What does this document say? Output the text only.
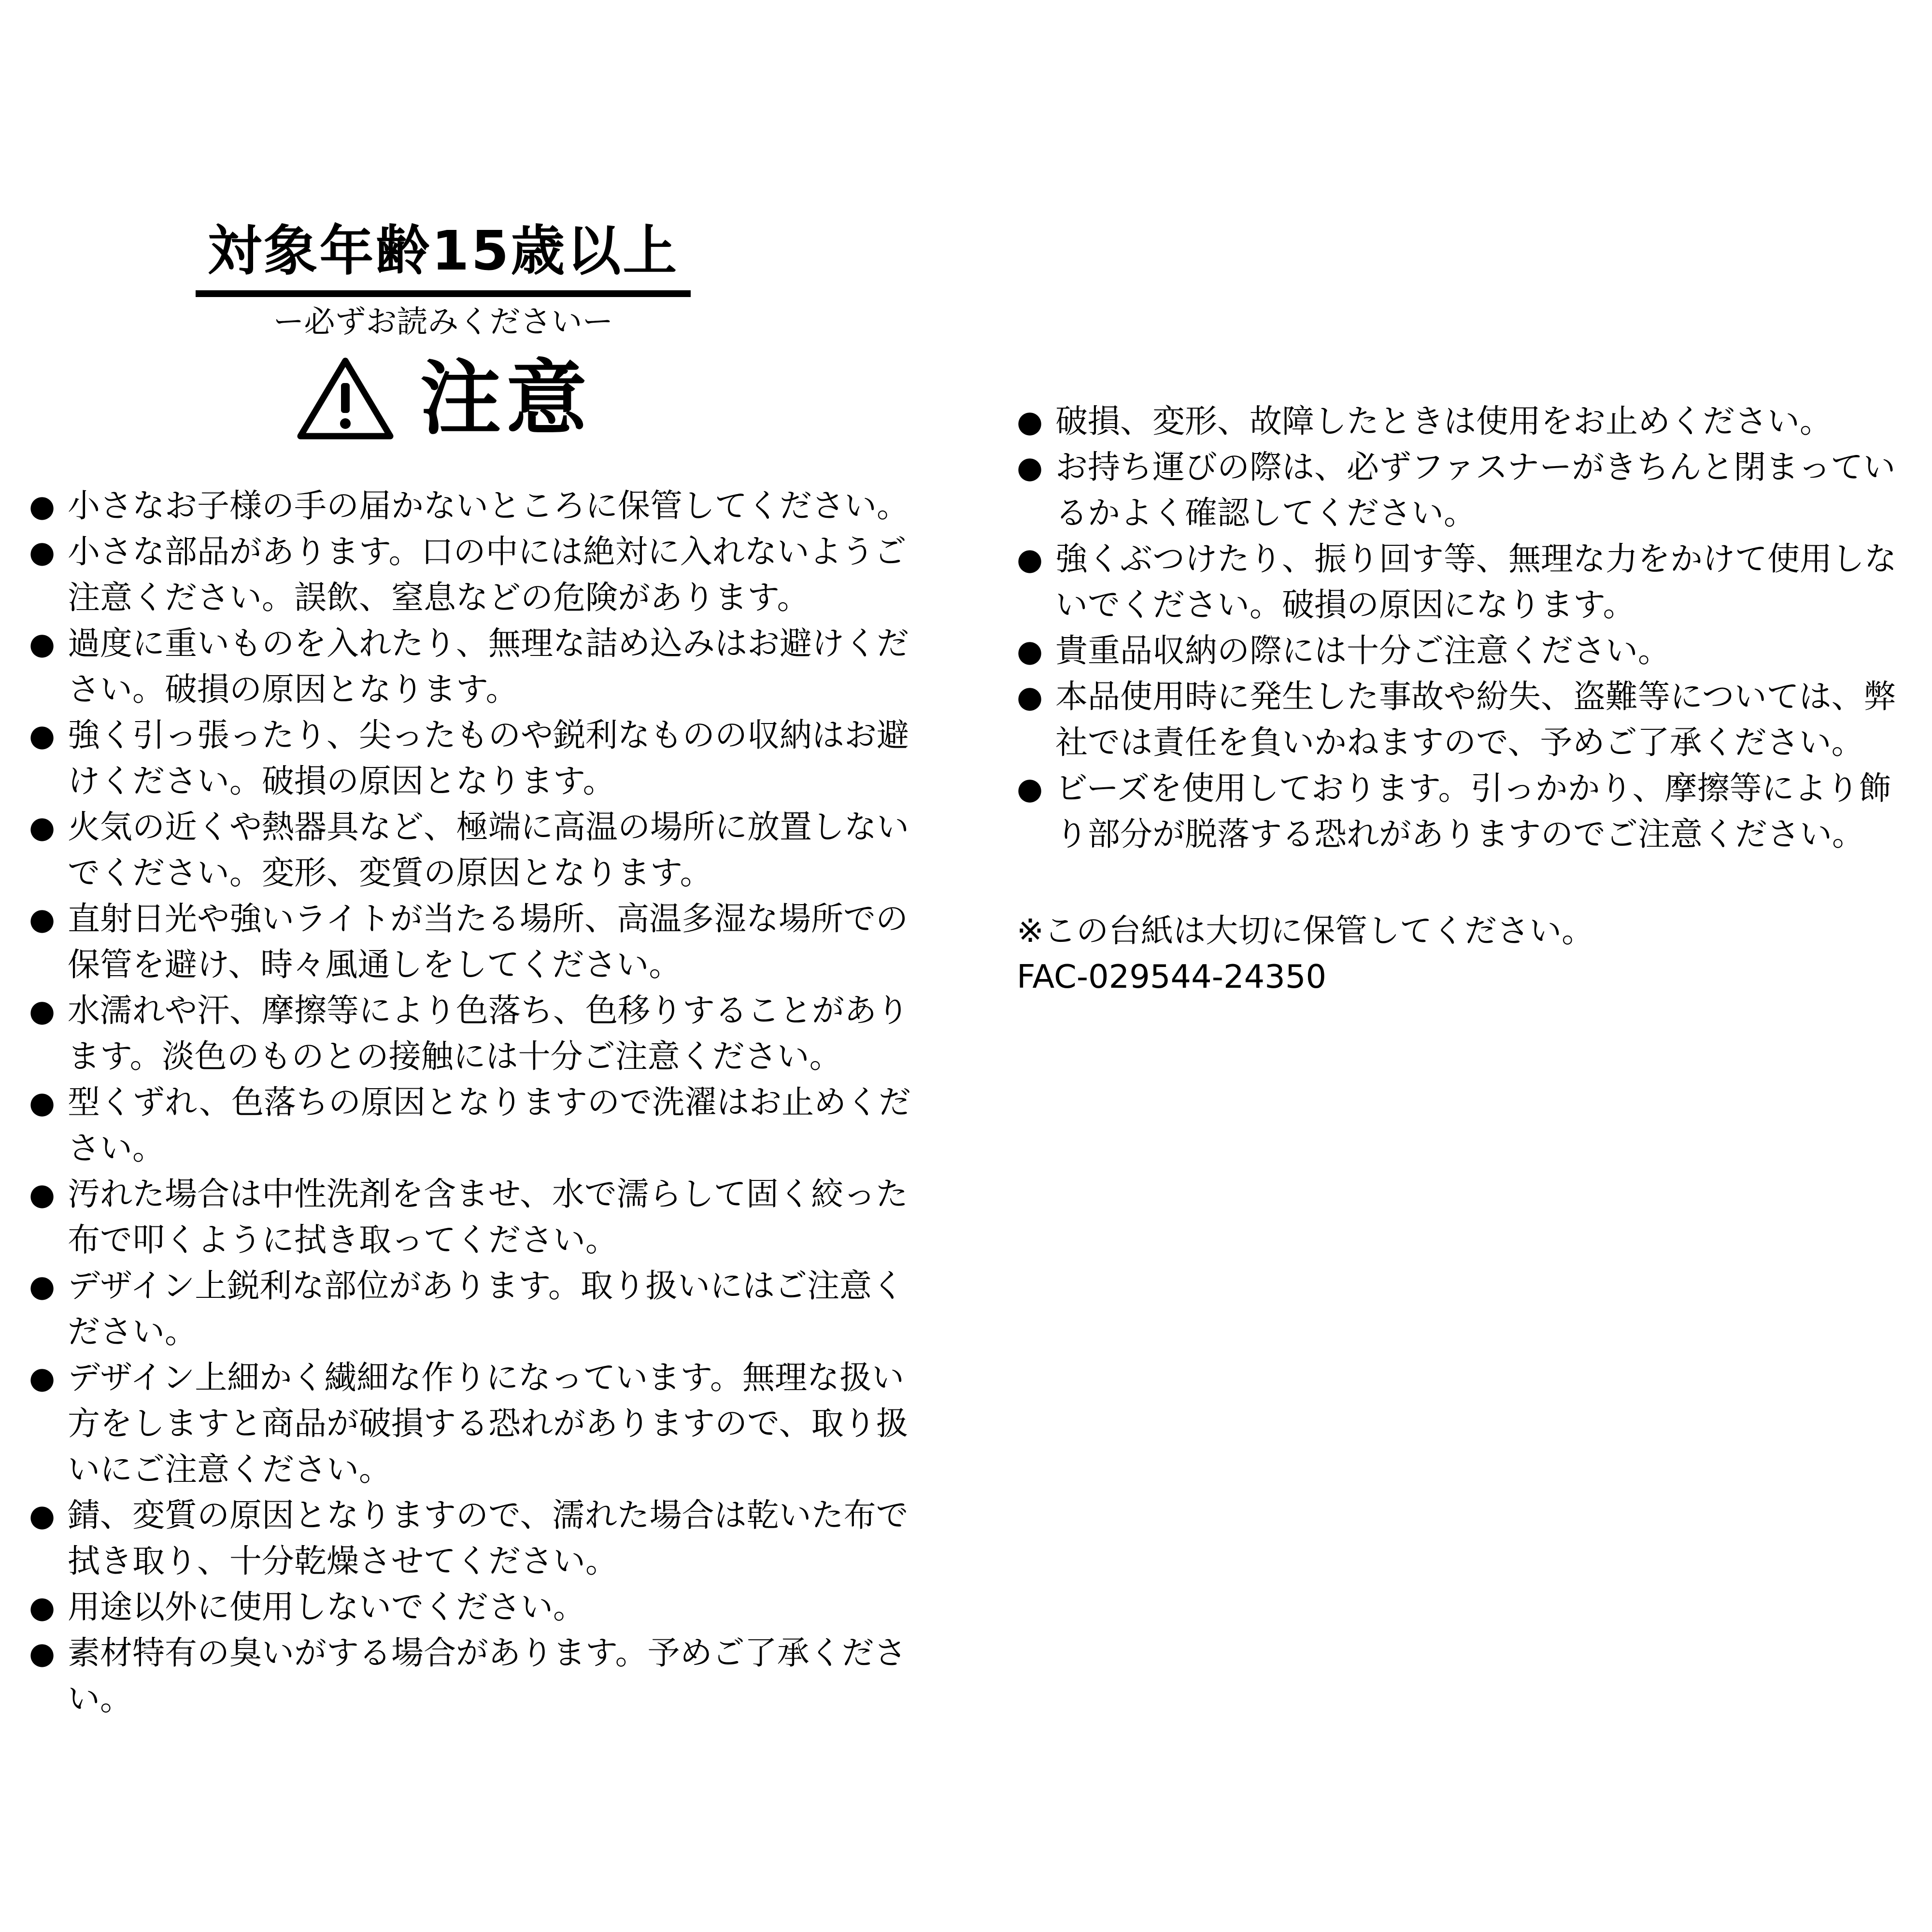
対象年齢15歳以上
ー必ずお読みくださいー
注意
● 小さなお子様の手の届かないところに保管してください。
● 小さな部品があります。口の中には絶対に入れないようご注意ください。誤飲、窒息などの危険があります。
● 過度に重いものを入れたり、無理な詰め込みはお避けください。破損の原因となります。
● 強く引っ張ったり、尖ったものや鋭利なものの収納はお避けください。破損の原因となります。
● 火気の近くや熱器具など、極端に高温の場所に放置しないでください。変形、変質の原因となります。
● 直射日光や強いライトが当たる場所、高温多湿な場所での保管を避け、時々風通しをしてください。
● 水濡れや汗、摩擦等により色落ち、色移りすることがあります。淡色のものとの接触には十分ご注意ください。
● 型くずれ、色落ちの原因となりますので洗濯はお止めください。
● 汚れた場合は中性洗剤を含ませ、水で濡らして固く絞った布で叩くように拭き取ってください。
● デザイン上鋭利な部位があります。取り扱いにはご注意ください。
● デザイン上細かく繊細な作りになっています。無理な扱い方をしますと商品が破損する恐れがありますので、取り扱いにご注意ください。
● 錆、変質の原因となりますので、濡れた場合は乾いた布で拭き取り、十分乾燥させてください。
● 用途以外に使用しないでください。
● 素材特有の臭いがする場合があります。予めご了承ください。
● 破損、変形、故障したときは使用をお止めください。
● お持ち運びの際は、必ずファスナーがきちんと閉まっているかよく確認してください。
● 強くぶつけたり、振り回す等、無理な力をかけて使用しないでください。破損の原因になります。
● 貴重品収納の際には十分ご注意ください。
● 本品使用時に発生した事故や紛失、盗難等については、弊社では責任を負いかねますので、予めご了承ください。
● ビーズを使用しております。引っかかり、摩擦等により飾り部分が脱落する恐れがありますのでご注意ください。
※この台紙は大切に保管してください。
FAC-029544-24350
